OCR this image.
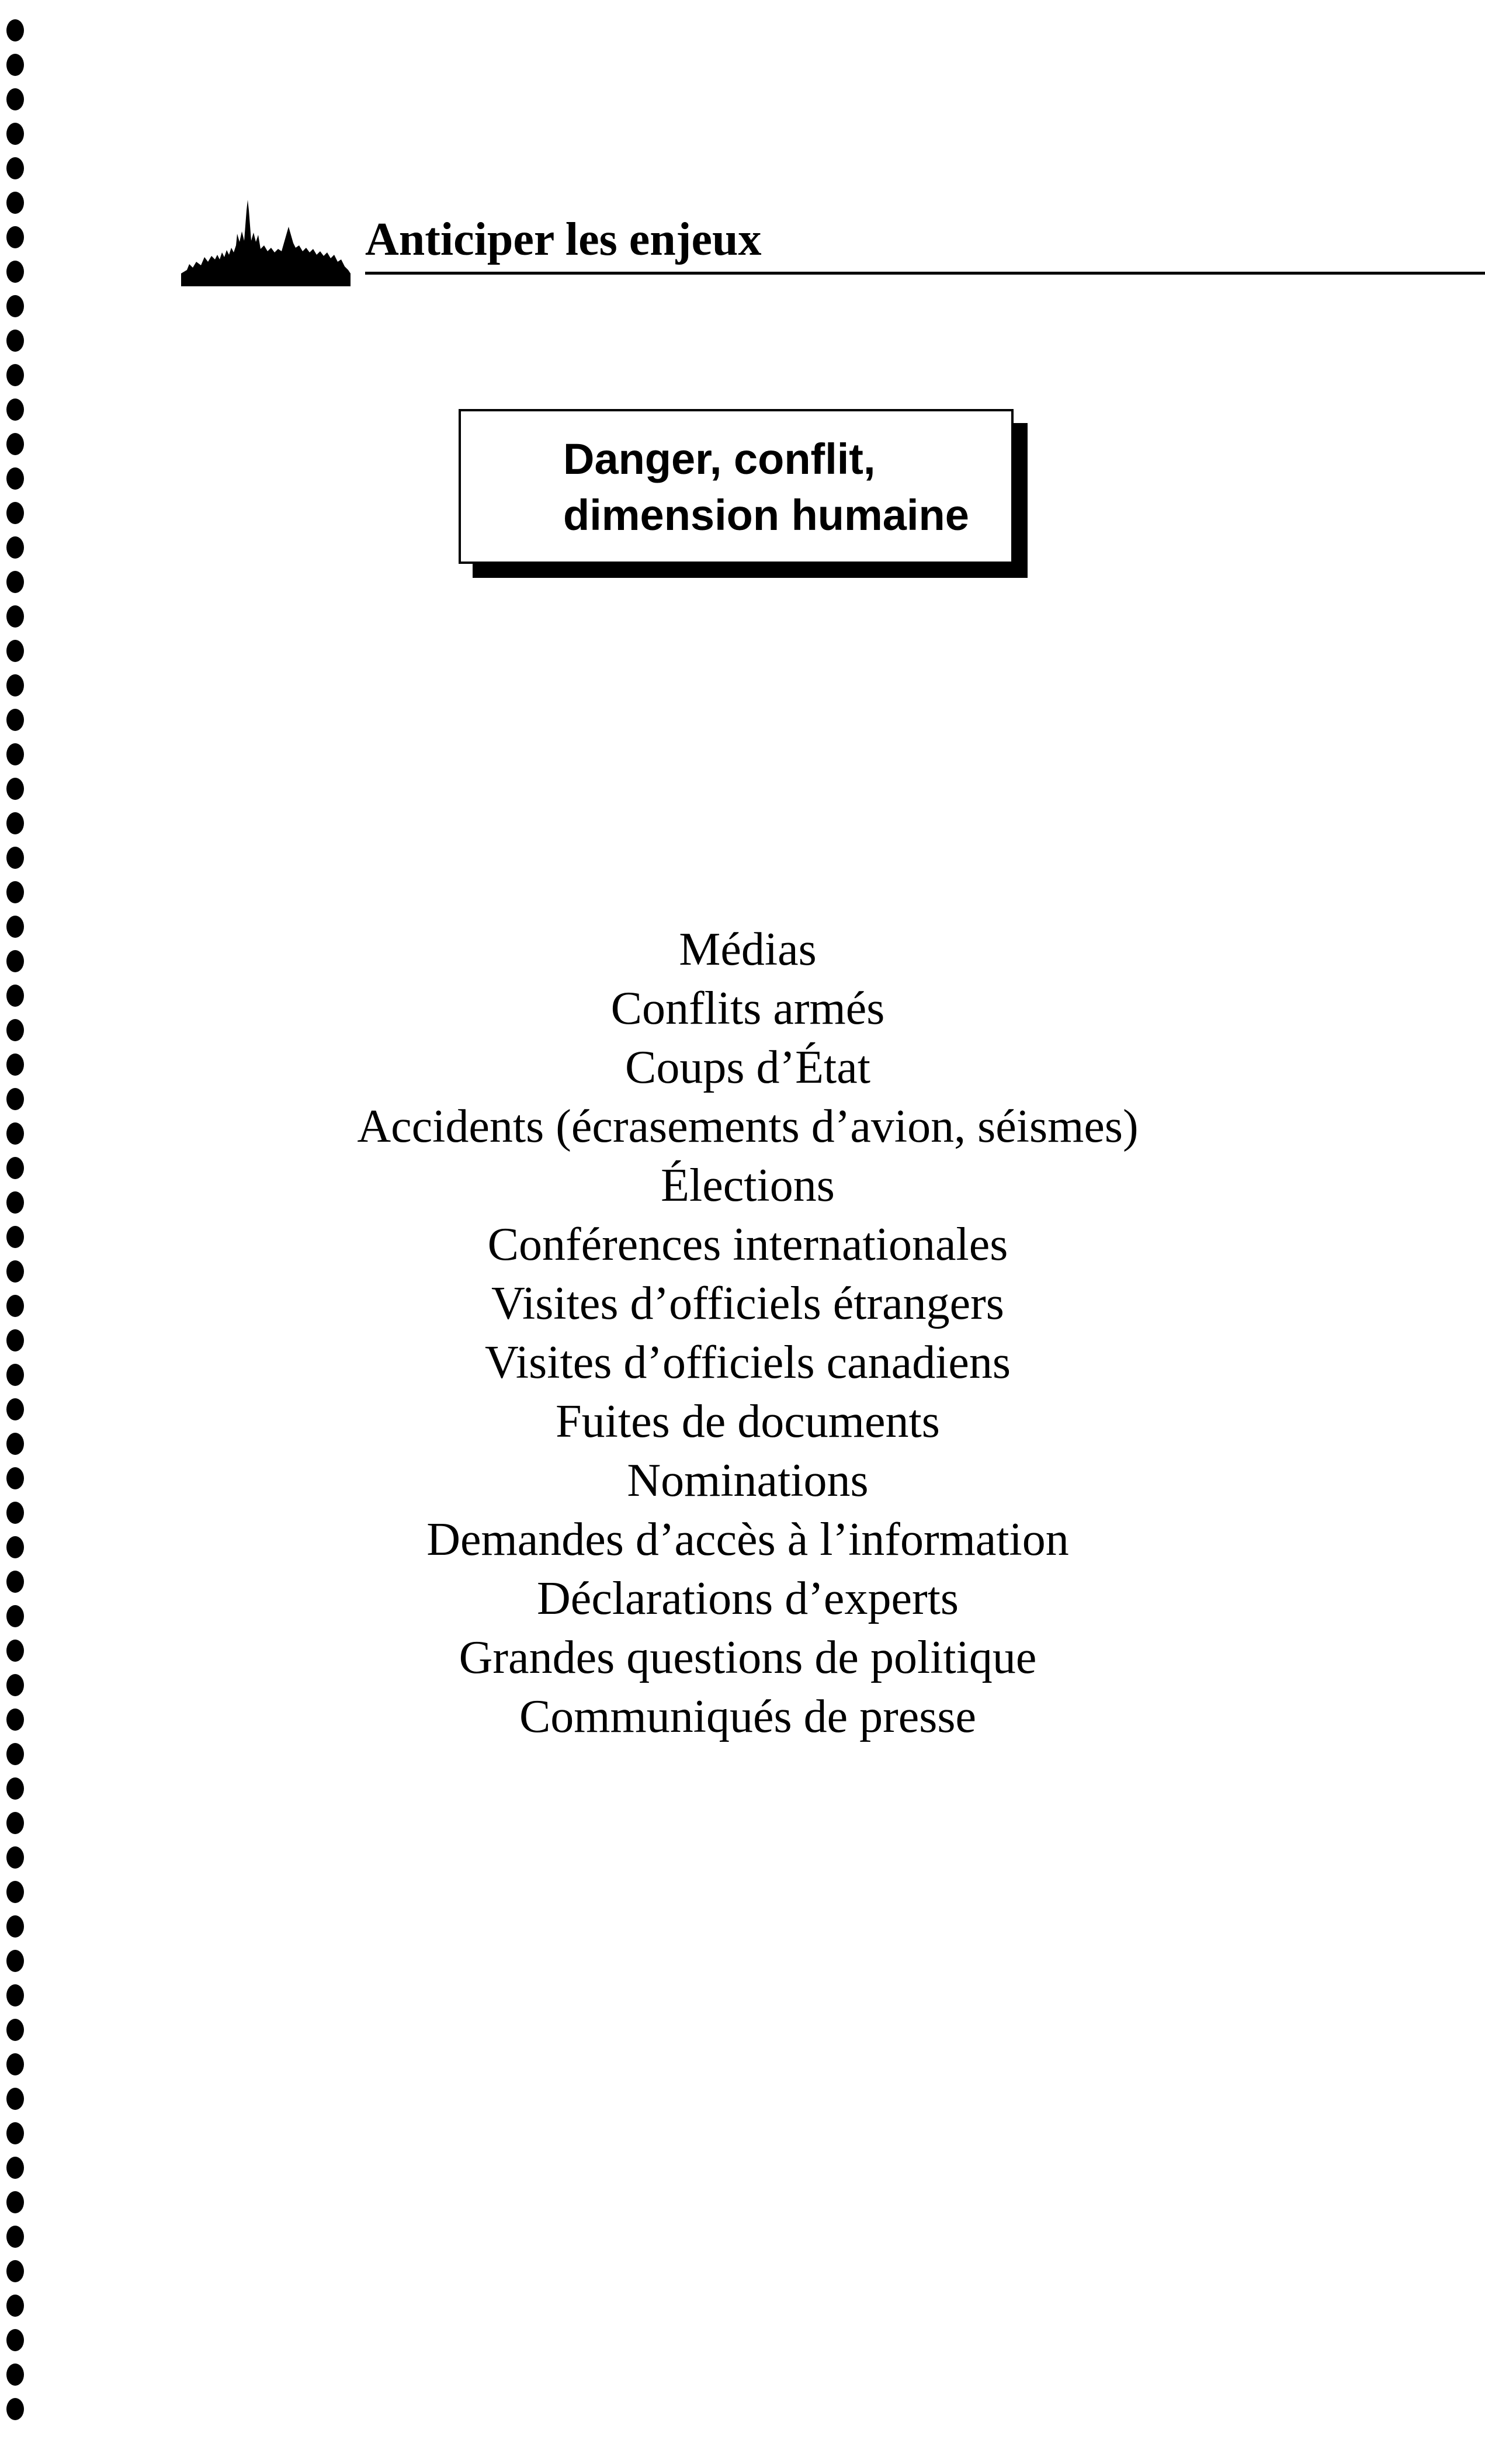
Anticiper les enjeux
Danger, conflit,
dimension humaine
Médias
Conflits armés
Coups d’État
Accidents (écrasements d’avion, séismes)
Élections
Conférences internationales
Visites d’officiels étrangers
Visites d’officiels canadiens
Fuites de documents
Nominations
Demandes d’accès à l’information
Déclarations d’experts
Grandes questions de politique
Communiqués de presse
